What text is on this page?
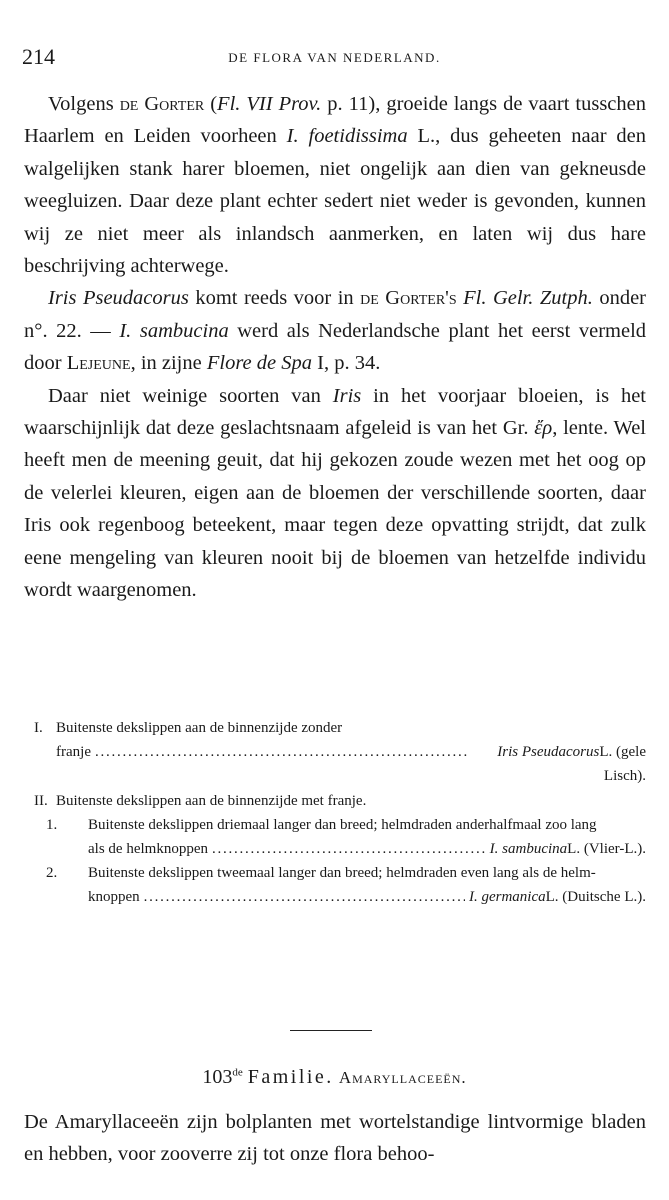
214	DE FLORA VAN NEDERLAND.

Volgens de Gorter (Fl. VII Prov. p. 11), groeide langs de vaart tusschen Haarlem en Leiden voorheen I. foetidissima L., dus geheeten naar den walgelijken stank harer bloemen, niet ongelijk aan dien van gekneusde weegluizen. Daar deze plant echter sedert niet weder is gevonden, kunnen wij ze niet meer als inlandsch aanmerken, en laten wij dus hare beschrijving achterwege.

Iris Pseudacorus komt reeds voor in de Gorter's Fl. Gelr. Zutph. onder n°. 22. — I. sambucina werd als Nederlandsche plant het eerst vermeld door Lejeune, in zijne Flore de Spa I, p. 34.

Daar niet weinige soorten van Iris in het voorjaar bloeien, is het waarschijnlijk dat deze geslachtsnaam afgeleid is van het Gr. ἔρ, lente. Wel heeft men de meening geuit, dat hij gekozen zoude wezen met het oog op de velerlei kleuren, eigen aan de bloemen der verschillende soorten, daar Iris ook regenboog beteekent, maar tegen deze opvatting strijdt, dat zulk eene mengeling van kleuren nooit bij de bloemen van hetzelfde individu wordt waargenomen.

I. Buitenste dekslippen aan de binnenzijde zonder
franje . . .	Iris Pseudacorus L. (gele
Lisch).
II. Buitenste dekslippen aan de binnenzijde met franje.
1. Buitenste dekslippen driemaal langer dan breed; helmdraden anderhalfmaal zoo lang
als de helmknoppen . . .	I. sambucina L. (Vlier-L.).
2. Buitenste dekslippen tweemaal langer dan breed; helmdraden even lang als de helm-
knoppen . . .	I. germanica L. (Duitsche L.).
103de Familie. Amaryllaceeën.

De Amaryllaceeën zijn bolplanten met wortelstandige lintvormige bladen en hebben, voor zooverre zij tot onze flora behoo-
